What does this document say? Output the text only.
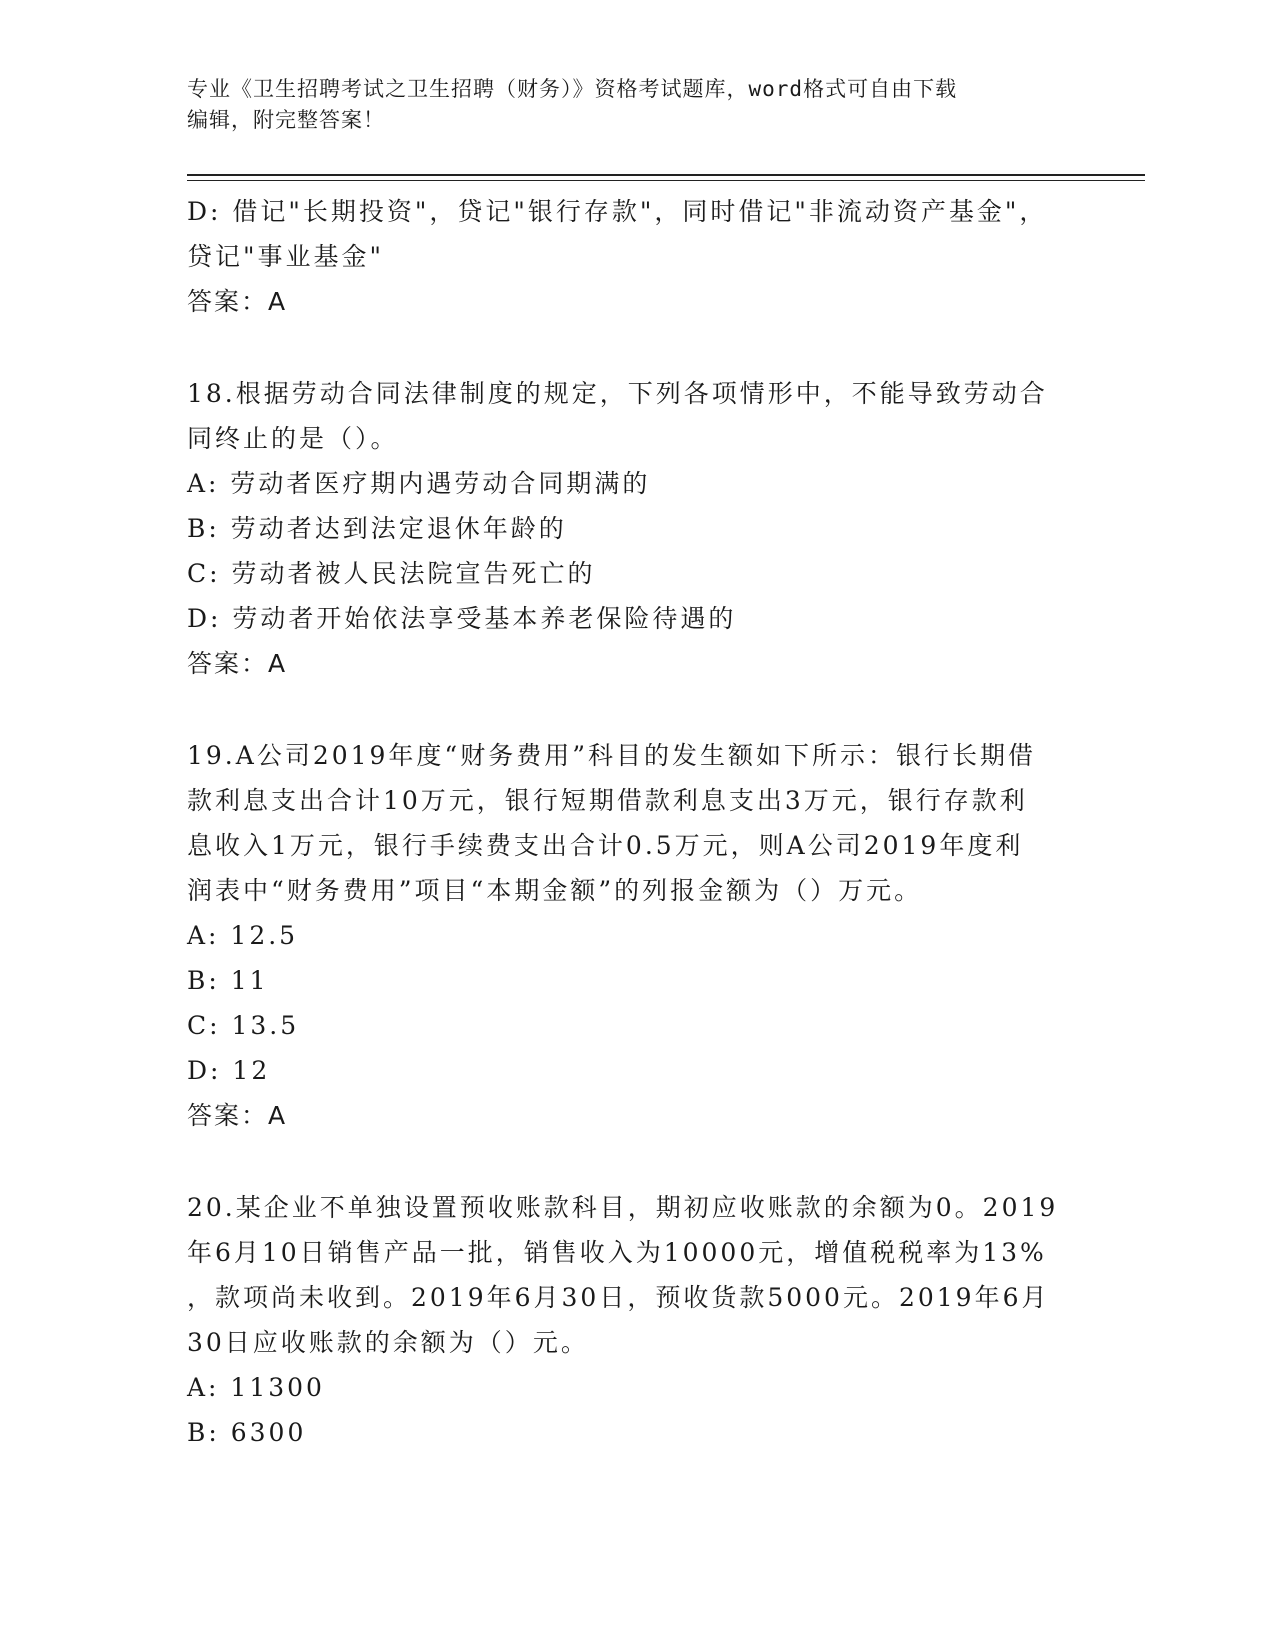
专业《卫生招聘考试之卫生招聘（财务）》资格考试题库，word格式可自由下载
编辑，附完整答案！
D: 借记"长期投资"，贷记"银行存款"，同时借记"非流动资产基金"，
贷记"事业基金"
答案：A
18.根据劳动合同法律制度的规定，下列各项情形中，不能导致劳动合
同终止的是（）。
A: 劳动者医疗期内遇劳动合同期满的
B: 劳动者达到法定退休年龄的
C: 劳动者被人民法院宣告死亡的
D: 劳动者开始依法享受基本养老保险待遇的
答案：A
19.A公司2019年度“财务费用”科目的发生额如下所示：银行长期借
款利息支出合计10万元，银行短期借款利息支出3万元，银行存款利
息收入1万元，银行手续费支出合计0.5万元，则A公司2019年度利
润表中“财务费用”项目“本期金额”的列报金额为（）万元。
A: 12.5
B: 11
C: 13.5
D: 12
答案：A
20.某企业不单独设置预收账款科目，期初应收账款的余额为0。2019
年6月10日销售产品一批，销售收入为10000元，增值税税率为13%
，款项尚未收到。2019年6月30日，预收货款5000元。2019年6月
30日应收账款的余额为（）元。
A: 11300
B: 6300
